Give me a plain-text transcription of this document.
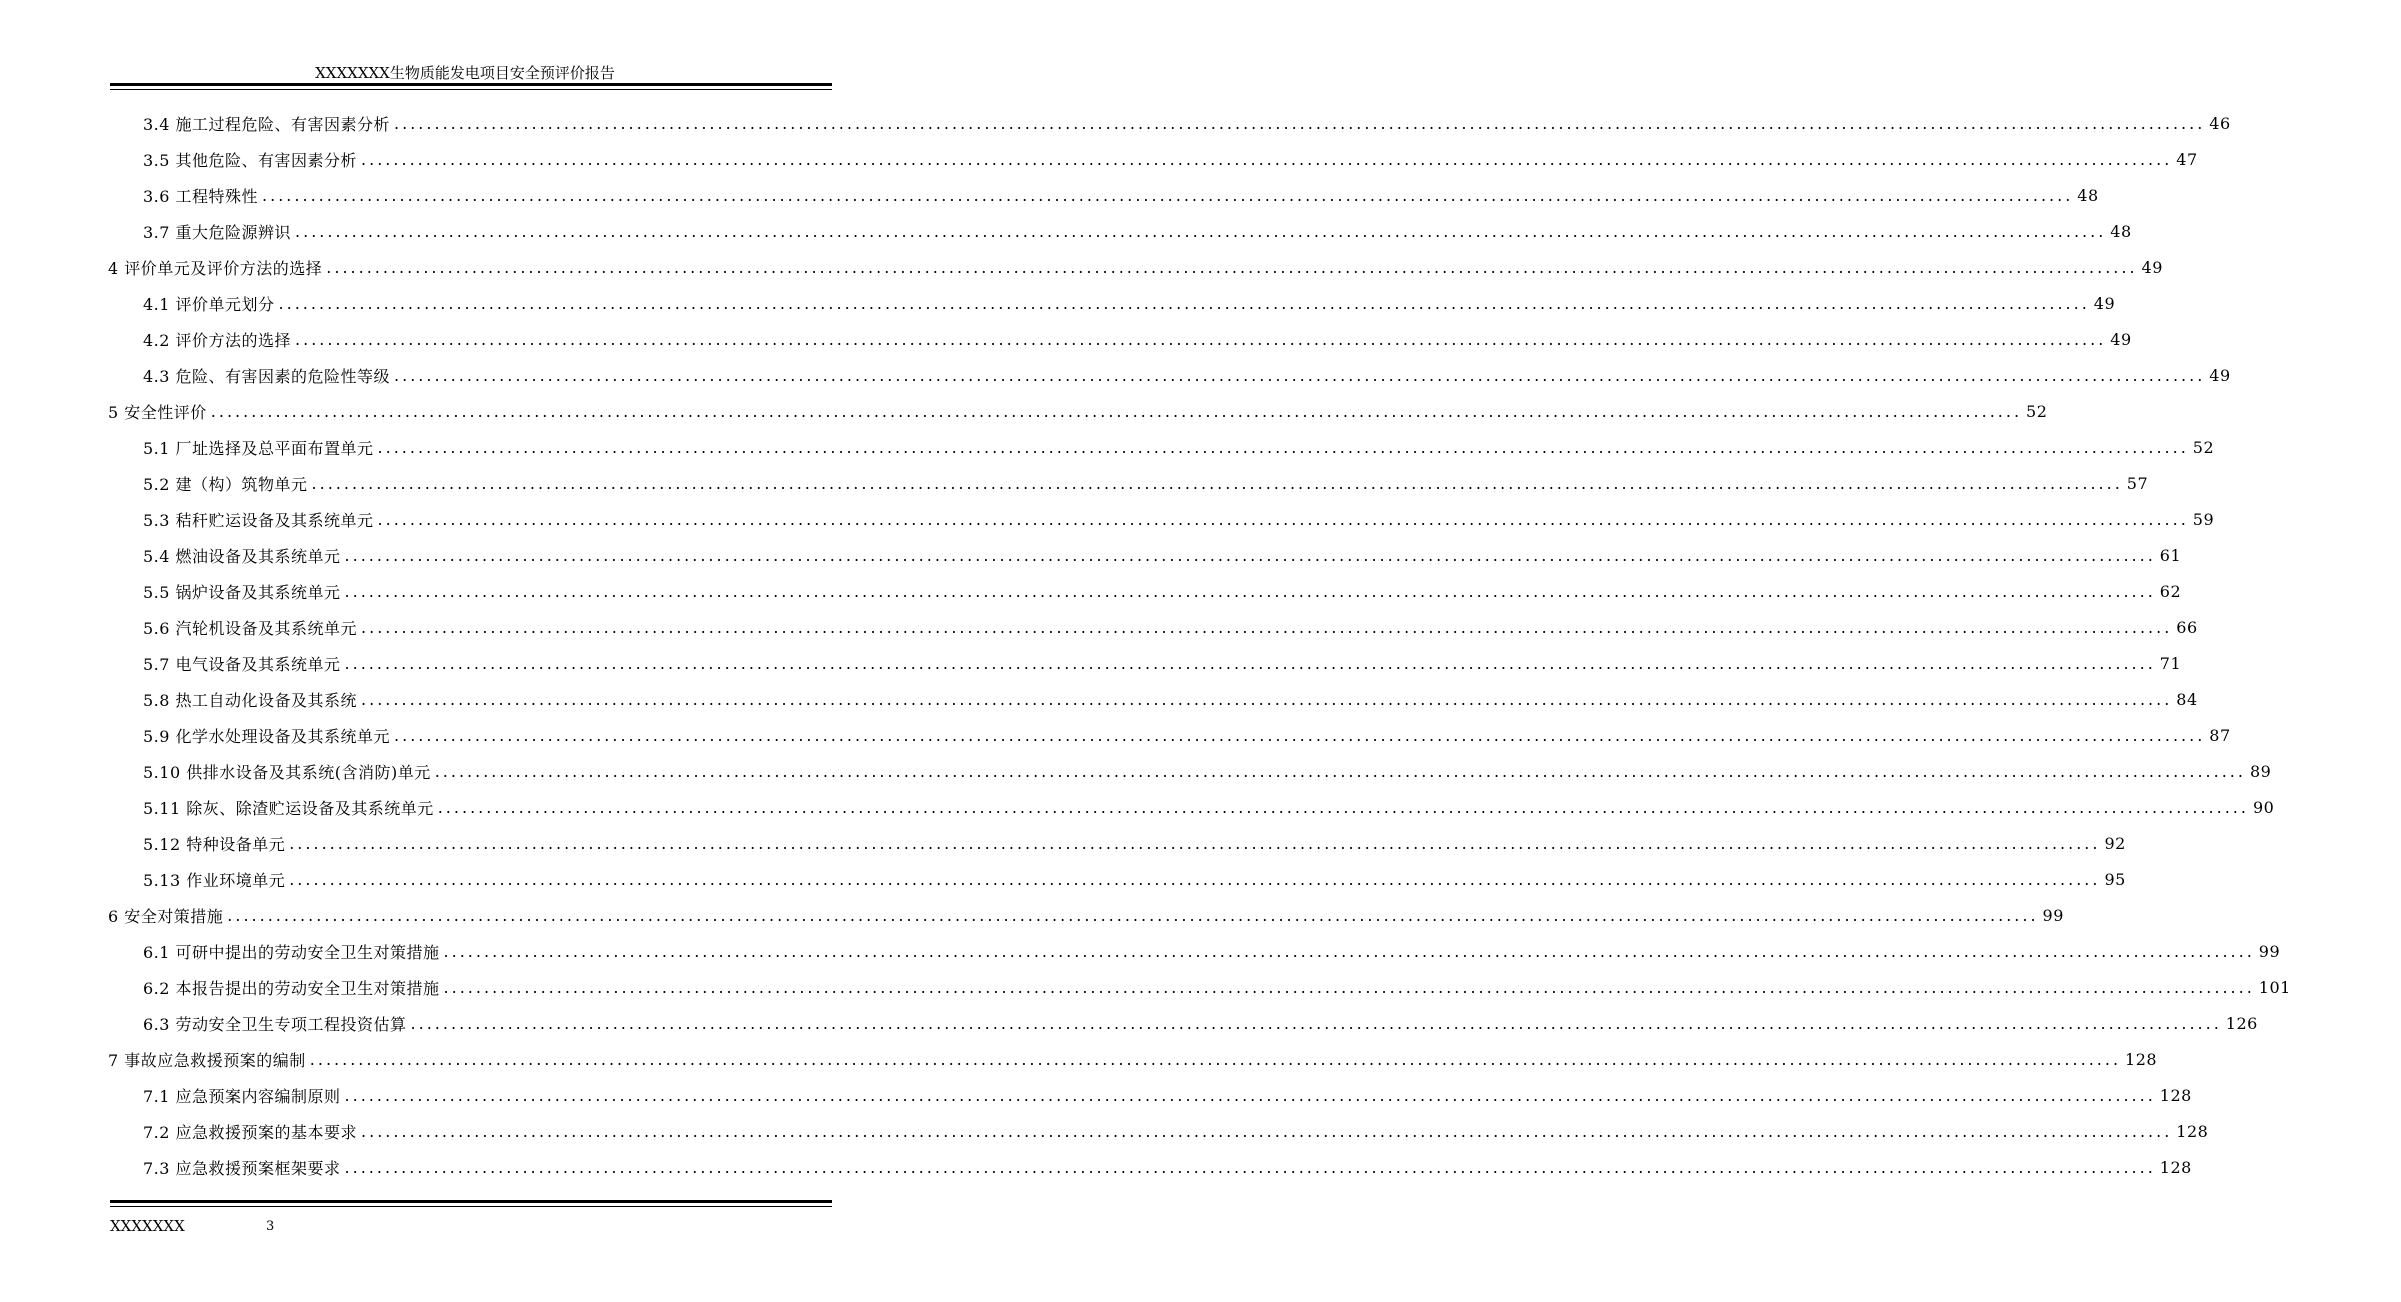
XXXXXXX生物质能发电项目安全预评价报告
3.4 施工过程危险、有害因素分析 ................................................................................................................................................................................................................................ 46
3.5 其他危险、有害因素分析 ................................................................................................................................................................................................................................ 47
3.6 工程特殊性 ................................................................................................................................................................................................................................ 48
3.7 重大危险源辨识 ................................................................................................................................................................................................................................ 48
4 评价单元及评价方法的选择 ................................................................................................................................................................................................................................ 49
4.1 评价单元划分 ................................................................................................................................................................................................................................ 49
4.2 评价方法的选择 ................................................................................................................................................................................................................................ 49
4.3 危险、有害因素的危险性等级 ................................................................................................................................................................................................................................ 49
5 安全性评价 ................................................................................................................................................................................................................................ 52
5.1 厂址选择及总平面布置单元 ................................................................................................................................................................................................................................ 52
5.2 建（构）筑物单元 ................................................................................................................................................................................................................................ 57
5.3 秸秆贮运设备及其系统单元 ................................................................................................................................................................................................................................ 59
5.4 燃油设备及其系统单元 ................................................................................................................................................................................................................................ 61
5.5 锅炉设备及其系统单元 ................................................................................................................................................................................................................................ 62
5.6 汽轮机设备及其系统单元 ................................................................................................................................................................................................................................ 66
5.7 电气设备及其系统单元 ................................................................................................................................................................................................................................ 71
5.8 热工自动化设备及其系统 ................................................................................................................................................................................................................................ 84
5.9 化学水处理设备及其系统单元 ................................................................................................................................................................................................................................ 87
5.10 供排水设备及其系统(含消防)单元 ................................................................................................................................................................................................................................ 89
5.11 除灰、除渣贮运设备及其系统单元 ................................................................................................................................................................................................................................ 90
5.12 特种设备单元 ................................................................................................................................................................................................................................ 92
5.13 作业环境单元 ................................................................................................................................................................................................................................ 95
6 安全对策措施 ................................................................................................................................................................................................................................ 99
6.1 可研中提出的劳动安全卫生对策措施 ................................................................................................................................................................................................................................ 99
6.2 本报告提出的劳动安全卫生对策措施 ................................................................................................................................................................................................................................ 101
6.3 劳动安全卫生专项工程投资估算 ................................................................................................................................................................................................................................ 126
7 事故应急救援预案的编制 ................................................................................................................................................................................................................................ 128
7.1 应急预案内容编制原则 ................................................................................................................................................................................................................................ 128
7.2 应急救援预案的基本要求 ................................................................................................................................................................................................................................ 128
7.3 应急救援预案框架要求 ................................................................................................................................................................................................................................ 128
XXXXXXX	3
